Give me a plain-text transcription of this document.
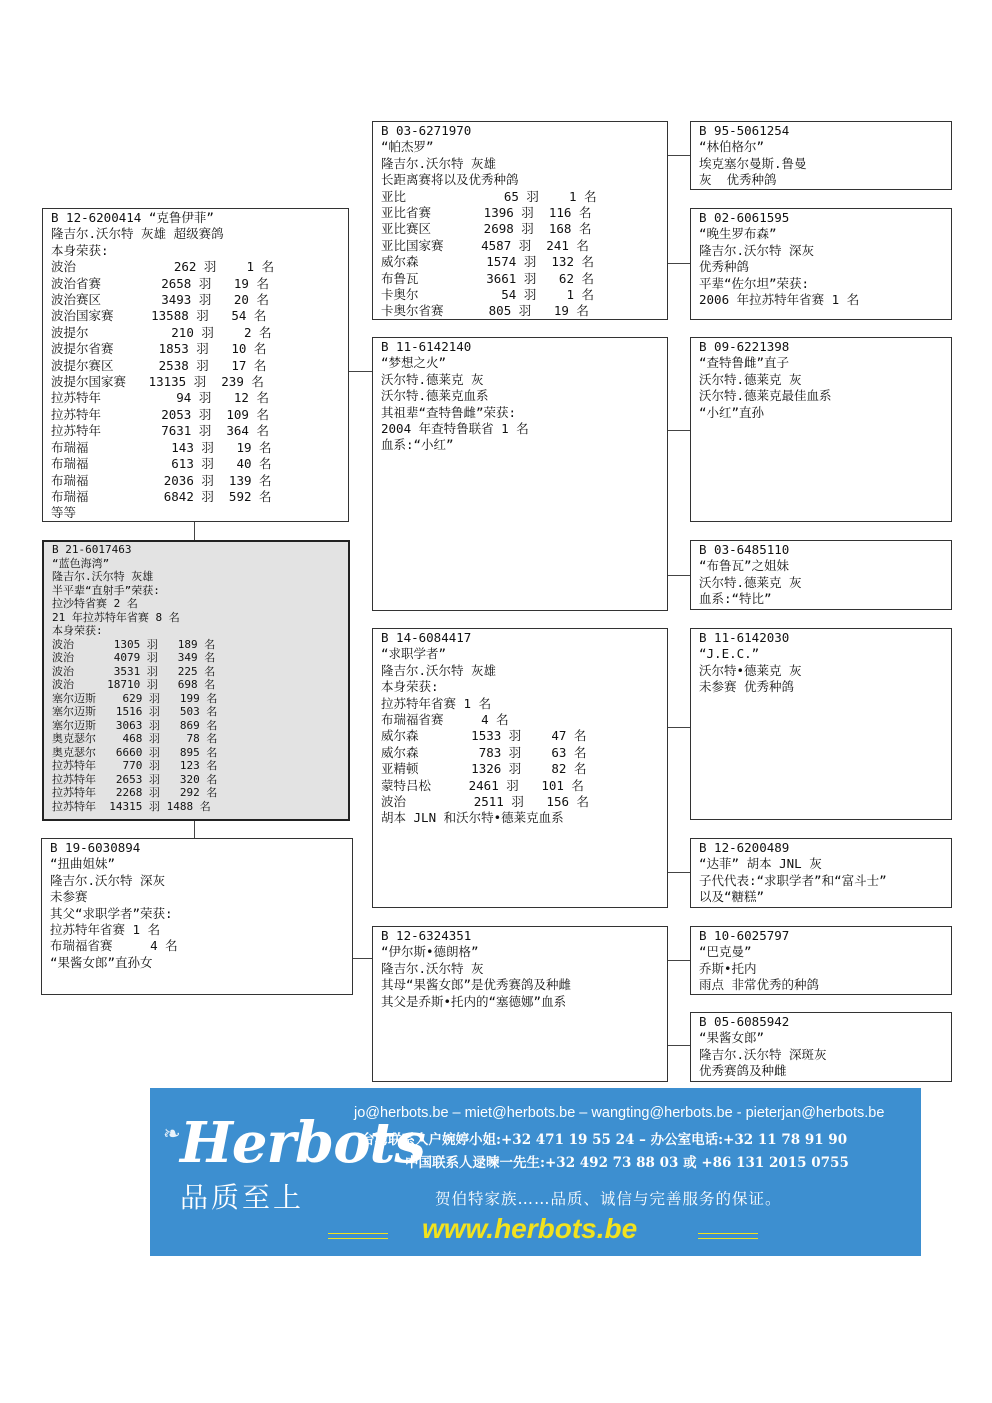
B 12-6200414 “克鲁伊菲”
隆吉尔.沃尔特 灰雄 超级赛鸽
本身荣获:
波治             262 羽    1 名
波治省赛        2658 羽   19 名
波治赛区        3493 羽   20 名
波治国家赛     13588 羽   54 名
波提尔           210 羽    2 名
波提尔省赛      1853 羽   10 名
波提尔赛区      2538 羽   17 名
波提尔国家赛   13135 羽  239 名
拉苏特年          94 羽   12 名
拉苏特年        2053 羽  109 名
拉苏特年        7631 羽  364 名
布瑞福           143 羽   19 名
布瑞福           613 羽   40 名
布瑞福          2036 羽  139 名
布瑞福          6842 羽  592 名
等等
B 21-6017463
“蓝色海湾”
隆吉尔.沃尔特 灰雄
半平辈“直射手”荣获:
拉沙特省赛 2 名
21 年拉苏特年省赛 8 名
本身荣获:
波治      1305 羽   189 名
波治      4079 羽   349 名
波治      3531 羽   225 名
波治     18710 羽   698 名
塞尔迈斯    629 羽   199 名
塞尔迈斯   1516 羽   503 名
塞尔迈斯   3063 羽   869 名
奥克瑟尔    468 羽    78 名
奥克瑟尔   6660 羽   895 名
拉苏特年    770 羽   123 名
拉苏特年   2653 羽   320 名
拉苏特年   2268 羽   292 名
拉苏特年  14315 羽 1488 名
B 19-6030894
“扭曲姐妹”
隆吉尔.沃尔特 深灰
未参赛
其父“求职学者”荣获:
拉苏特年省赛 1 名
布瑞福省赛     4 名
“果酱女郎”直孙女
B 03-6271970
“帕杰罗”
隆吉尔.沃尔特 灰雄
长距离赛将以及优秀种鸽
亚比             65 羽    1 名
亚比省赛       1396 羽  116 名
亚比赛区       2698 羽  168 名
亚比国家赛     4587 羽  241 名
威尔森         1574 羽  132 名
布鲁瓦         3661 羽   62 名
卡奥尔           54 羽    1 名
卡奥尔省赛      805 羽   19 名
B 11-6142140
“梦想之火”
沃尔特.德莱克 灰
沃尔特.德莱克血系
其祖辈“查特鲁雌”荣获:
2004 年查特鲁联省 1 名
血系:“小红”
B 14-6084417
“求职学者”
隆吉尔.沃尔特 灰雄
本身荣获:
拉苏特年省赛 1 名
布瑞福省赛     4 名
威尔森       1533 羽    47 名
威尔森        783 羽    63 名
亚精顿       1326 羽    82 名
蒙特吕松     2461 羽   101 名
波治         2511 羽   156 名
胡本 JLN 和沃尔特•德莱克血系
B 12-6324351
“伊尔斯•德朗格”
隆吉尔.沃尔特 灰
其母“果酱女郎”是优秀赛鸽及种雌
其父是乔斯•托内的“塞德娜”血系
B 95-5061254
“林伯格尔”
埃克塞尔曼斯.鲁曼
灰  优秀种鸽
B 02-6061595
“晚生罗布森”
隆吉尔.沃尔特 深灰
优秀种鸽
平辈“佐尔坦”荣获:
2006 年拉苏特年省赛 1 名
B 09-6221398
“查特鲁雌”直子
沃尔特.德莱克 灰
沃尔特.德莱克最佳血系
“小红”直孙
B 03-6485110
“布鲁瓦”之姐妹
沃尔特.德莱克 灰
血系:“特比”
B 11-6142030
“J.E.C.”
沃尔特•德莱克 灰
未参赛 优秀种鸽
B 12-6200489
“达菲” 胡本 JNL 灰
子代代表:“求职学者”和“富斗士”
以及“糖糕”
B 10-6025797
“巴克曼”
乔斯•托内
雨点 非常优秀的种鸽
B 05-6085942
“果酱女郎”
隆吉尔.沃尔特 深斑灰
优秀赛鸽及种雌
❧ Herbots
品质至上
jo@herbots.be – miet@herbots.be – wangting@herbots.be - pieterjan@herbots.be
台湾联系人户婉婷小姐:+32 471 19 55 24 – 办公室电话:+32 11 78 91 90
中国联系人逯暕一先生:+32 492 73 88 03 或 +86 131 2015 0755
贺伯特家族……品质、诚信与完善服务的保证。
www.herbots.be
